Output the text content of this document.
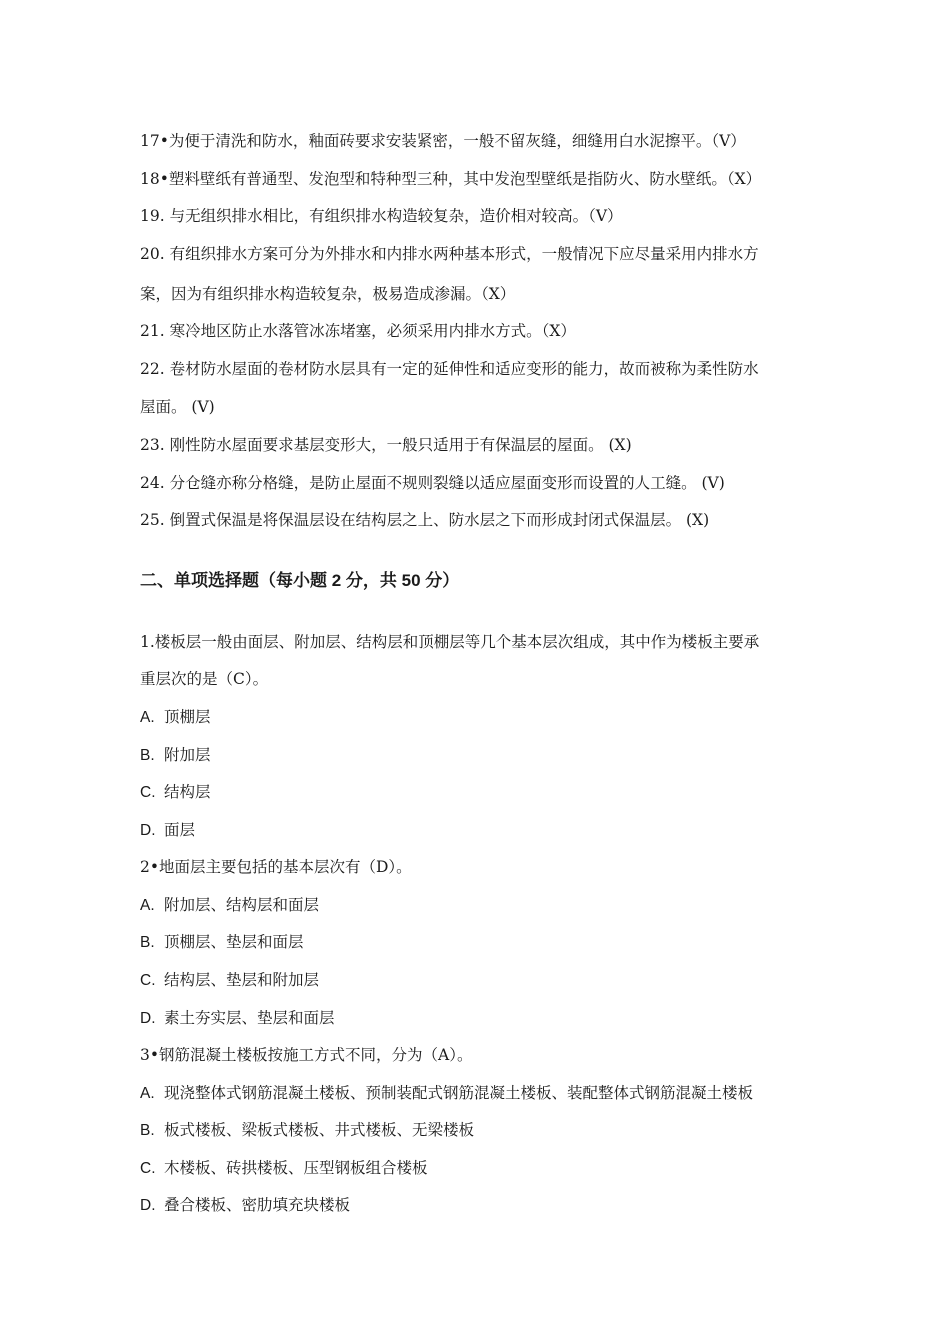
17•为便于清洗和防水，釉面砖要求安装紧密，一般不留灰缝，细缝用白水泥擦平。（V）
18•塑料壁纸有普通型、发泡型和特种型三种，其中发泡型壁纸是指防火、防水壁纸。（X）
19. 与无组织排水相比，有组织排水构造较复杂，造价相对较高。（V）
20. 有组织排水方案可分为外排水和内排水两种基本形式，一般情况下应尽量采用内排水方
案，因为有组织排水构造较复杂，极易造成渗漏。（X）
21. 寒冷地区防止水落管冰冻堵塞，必须采用内排水方式。（X）
22. 卷材防水屋面的卷材防水层具有一定的延伸性和适应变形的能力，故而被称为柔性防水
屋面。 (V)
23. 刚性防水屋面要求基层变形大，一般只适用于有保温层的屋面。 (X)
24. 分仓缝亦称分格缝，是防止屋面不规则裂缝以适应屋面变形而设置的人工缝。 (V)
25. 倒置式保温是将保温层设在结构层之上、防水层之下而形成封闭式保温层。 (X)
二、单项选择题（每小题 2 分，共 50 分）
1.楼板层一般由面层、附加层、结构层和顶棚层等几个基本层次组成，其中作为楼板主要承
重层次的是（C）。
A. 顶棚层
B. 附加层
C. 结构层
D. 面层
2•地面层主要包括的基本层次有（D）。
A. 附加层、结构层和面层
B. 顶棚层、垫层和面层
C. 结构层、垫层和附加层
D. 素土夯实层、垫层和面层
3•钢筋混凝土楼板按施工方式不同，分为（A）。
A. 现浇整体式钢筋混凝土楼板、预制装配式钢筋混凝土楼板、装配整体式钢筋混凝土楼板
B. 板式楼板、梁板式楼板、井式楼板、无梁楼板
C. 木楼板、砖拱楼板、压型钢板组合楼板
D. 叠合楼板、密肋填充块楼板
